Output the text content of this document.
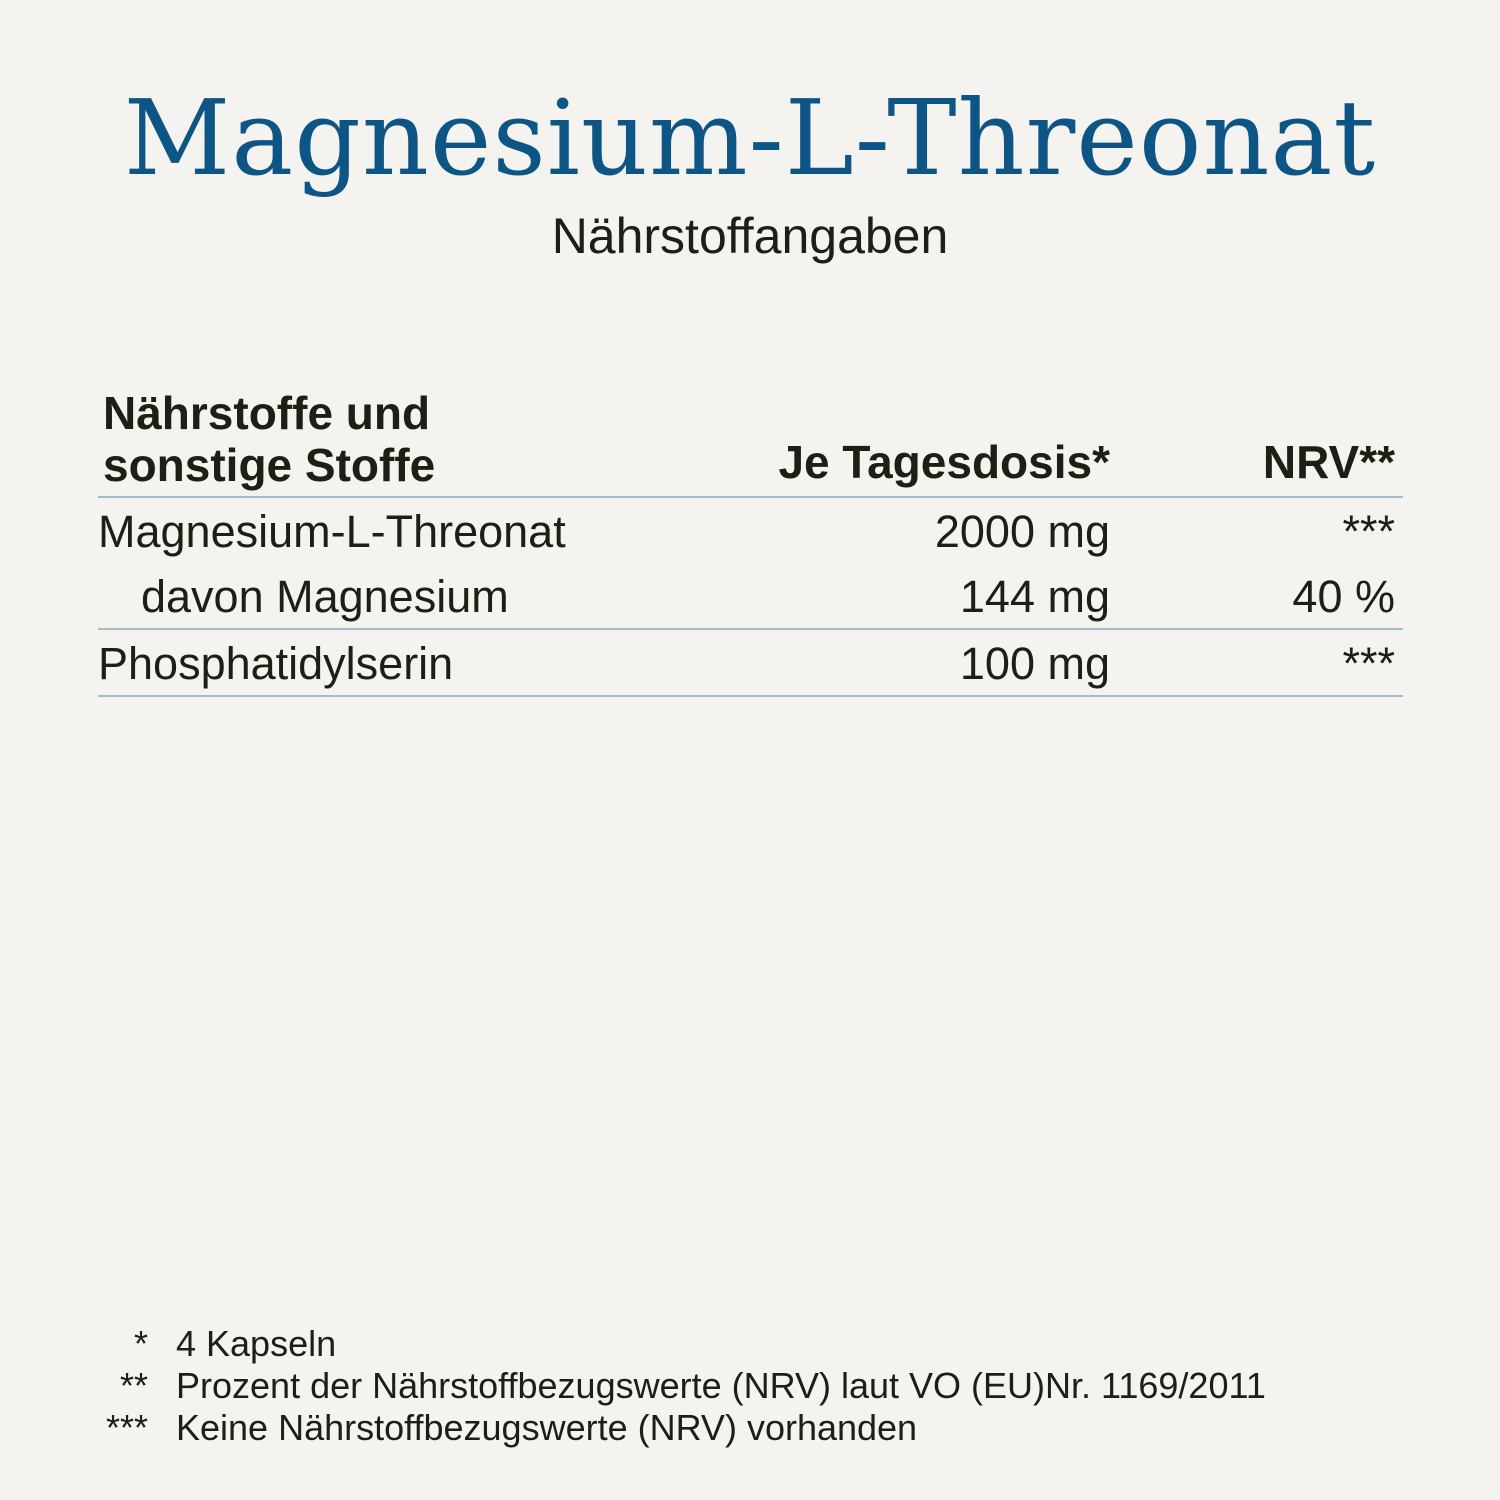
Magnesium-L-Threonat
Nährstoffangaben
Nährstoffe und
sonstige Stoffe	Je Tagesdosis*	NRV**
Magnesium-L-Threonat	2000 mg	***
davon Magnesium	144 mg	40 %
Phosphatidylserin	100 mg	***
* 4 Kapseln
** Prozent der Nährstoffbezugswerte (NRV) laut VO (EU)Nr. 1169/2011
*** Keine Nährstoffbezugswerte (NRV) vorhanden
